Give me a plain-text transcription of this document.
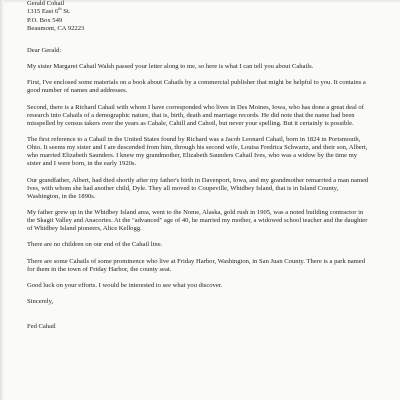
Gerald Cohail
1315 East 6th St.
P.O. Box 549
Beaumont, CA 92223

Dear Gerald:

My sister Margaret Cahail Walsh passed your letter along to me, so here is what I can tell you about Cahails.

First, I've enclosed some materials on a book about Cahails by a commercial publisher that might be helpful to you. It contains a good number of names and addresses.

Second, there is a Richard Cahail with whom I have corresponded who lives in Des Moines, Iowa, who has done a great deal of research into Cahails of a demographic nature, that is, birth, death and marriage records. He did note that the name had been misspelled by census takers over the years as Cahale, Cahill and Cahoil, but never your spelling. But it certainly is possible.

The first reference to a Cahail in the United States found by Richard was a Jacob Leonard Cahail, born in 1824 in Portsmouth, Ohio. It seems my sister and I are descended from him, through his second wife, Louisa Fredrica Schwartz, and their son, Albert, who married Elizabeth Saunders. I knew my grandmother, Elizabeth Saunders Cahail Ives, who was a widow by the time my sister and I were born, in the early 1920s.

Our grandfather, Albert, had died shortly after my father's birth in Davenport, Iowa, and my grandmother remarried a man named Ives, with whom she had another child, Dyle. They all moved to Coupeville, Whidbey Island, that is in Island County, Washington, in the 1890s.

My father grew up in the Whidbey Island area, went to the Nome, Alaska, gold rush in 1905, was a noted building contractor in the Skagit Valley and Anacortes. At the "advanced" age of 40, he married my mother, a widowed school teacher and the daughter of Whidbey Island pioneers, Alice Kellogg.

There are no children on our end of the Cahail line.

There are some Cahails of some prominence who live at Friday Harbor, Washington, in San Juan County. There is a park named for them in the town of Friday Harbor, the county seat.

Good luck on your efforts. I would be interested to see what you discover.

Sincerely,

Fed Cahail
